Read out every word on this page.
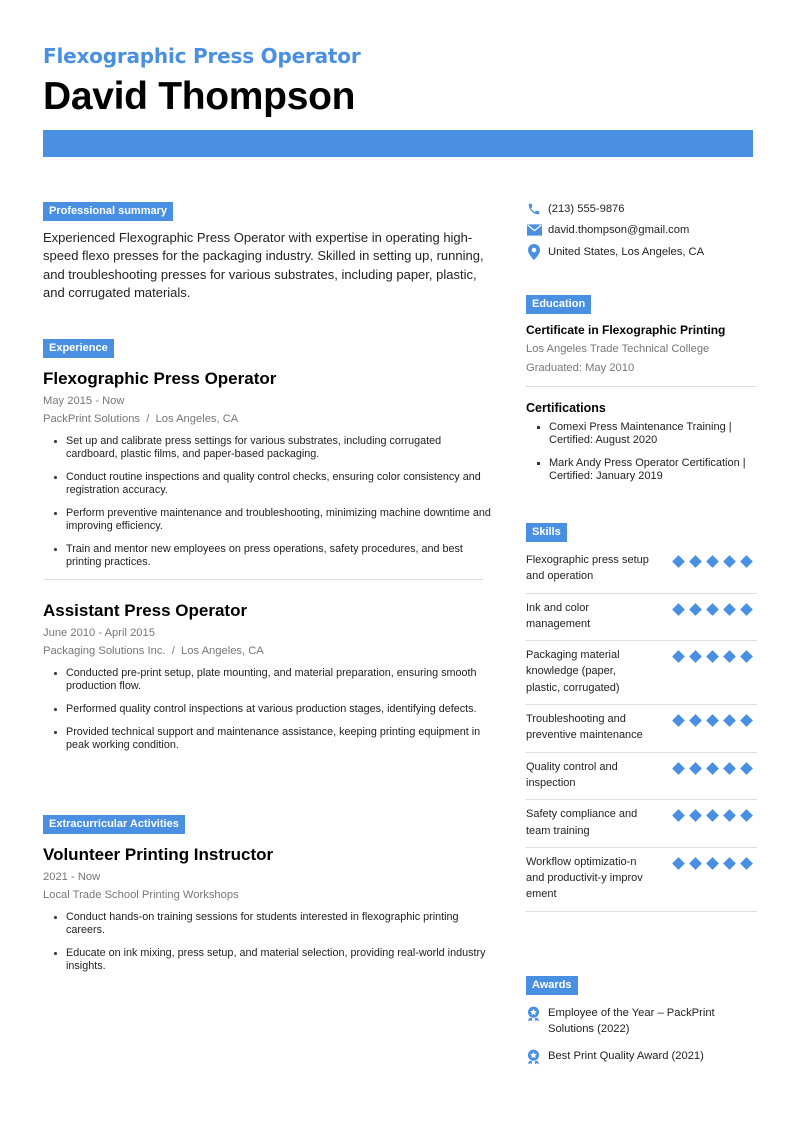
Flexographic Press Operator
David Thompson
Professional summary

Experienced Flexographic Press Operator with expertise in operating high-speed flexo presses for the packaging industry. Skilled in setting up, running, and troubleshooting presses for various substrates, including paper, plastic, and corrugated materials.

Experience
Flexographic Press Operator
May 2015 - Now
PackPrint Solutions  /  Los Angeles, CA
Set up and calibrate press settings for various substrates, including corrugated cardboard, plastic films, and paper-based packaging.
Conduct routine inspections and quality control checks, ensuring color consistency and registration accuracy.
Perform preventive maintenance and troubleshooting, minimizing machine downtime and improving efficiency.
Train and mentor new employees on press operations, safety procedures, and best printing practices.
Assistant Press Operator
June 2010 - April 2015
Packaging Solutions Inc.  /  Los Angeles, CA
Conducted pre-print setup, plate mounting, and material preparation, ensuring smooth production flow.
Performed quality control inspections at various production stages, identifying defects.
Provided technical support and maintenance assistance, keeping printing equipment in peak working condition.
Extracurricular Activities
Volunteer Printing Instructor
2021 - Now
Local Trade School Printing Workshops
Conduct hands-on training sessions for students interested in flexographic printing careers.
Educate on ink mixing, press setup, and material selection, providing real-world industry insights.
(213) 555-9876
david.thompson@gmail.com
United States, Los Angeles, CA
Education
Certificate in Flexographic Printing
Los Angeles Trade Technical College
Graduated: May 2010
Certifications
Comexi Press Maintenance Training | Certified: August 2020
Mark Andy Press Operator Certification | Certified: January 2019
Skills
Flexographic press setup and operation
Ink and color management
Packaging material knowledge (paper, plastic, corrugated)
Troubleshooting and preventive maintenance
Quality control and inspection
Safety compliance and team training
Workflow optimizatio-n and productivit-y improvement
Awards
Employee of the Year – PackPrint Solutions (2022)
Best Print Quality Award (2021)
